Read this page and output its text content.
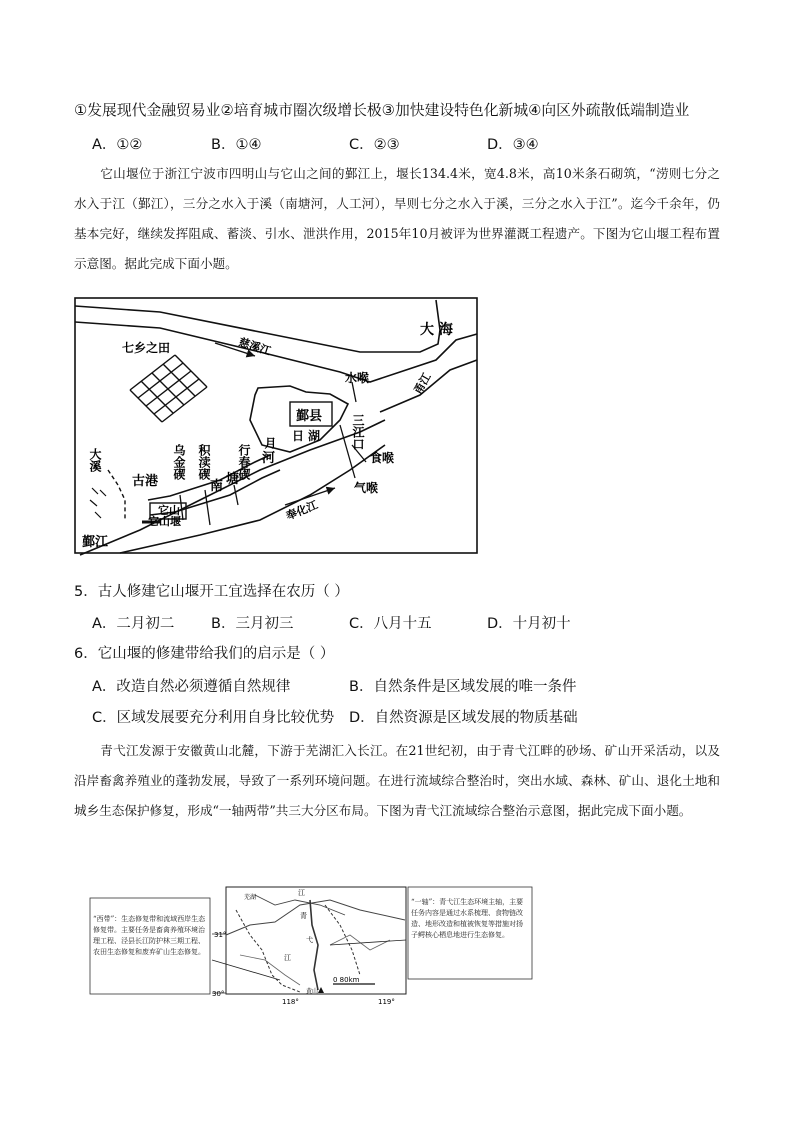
①发展现代金融贸易业②培育城市圈次级增长极③加快建设特色化新城④向区外疏散低端制造业
A．①②	B．①④	C．②③	D．③④
它山堰位于浙江宁波市四明山与它山之间的鄞江上，堰长134.4米，宽4.8米，高10米条石砌筑，“涝则七分之水入于江（鄞江），三分之水入于溪（南塘河，人工河），旱则七分之水入于溪，三分之水入于江”。迄今千余年，仍基本完好，继续发挥阻咸、蓄淡、引水、泄洪作用，2015年10月被评为世界灌溉工程遗产。下图为它山堰工程布置示意图。据此完成下面小题。
大 海
七乡之田	慈溪江
水喉	甬江
鄞县 三江口
日
月	湖
食喉
气喉
奉化江
行春碶 河
积渎碶
乌金碶
南 塘
大溪
古港
它山
它山堰
鄞江
31°
30°
118°	119°
0 80km
江
青
弋
江
黄山
芜湖
“西带”：生态修复带和流域西岸生态修复带。主要任务是畜禽养殖环境治理工程、泾县长江防护林三期工程、农田生态修复和废弃矿山生态修复。
“一轴”：青弋江生态环境主轴，主要任务内容是通过水系梳理、食物链改造、地形改造和植被恢复等措施对扬子鳄核心栖息地进行生态修复。
5．古人修建它山堰开工宜选择在农历（ ）
A．二月初二	B．三月初三	C．八月十五	D．十月初十
6．它山堰的修建带给我们的启示是（ ）
A．改造自然必须遵循自然规律	B．自然条件是区域发展的唯一条件
C．区域发展要充分利用自身比较优势 D．自然资源是区域发展的物质基础
青弋江发源于安徽黄山北麓，下游于芜湖汇入长江。在21世纪初，由于青弋江畔的砂场、矿山开采活动，以及沿岸畜禽养殖业的蓬勃发展，导致了一系列环境问题。在进行流域综合整治时，突出水域、森林、矿山、退化土地和城乡生态保护修复，形成“一轴两带”共三大分区布局。下图为青弋江流域综合整治示意图，据此完成下面小题。
